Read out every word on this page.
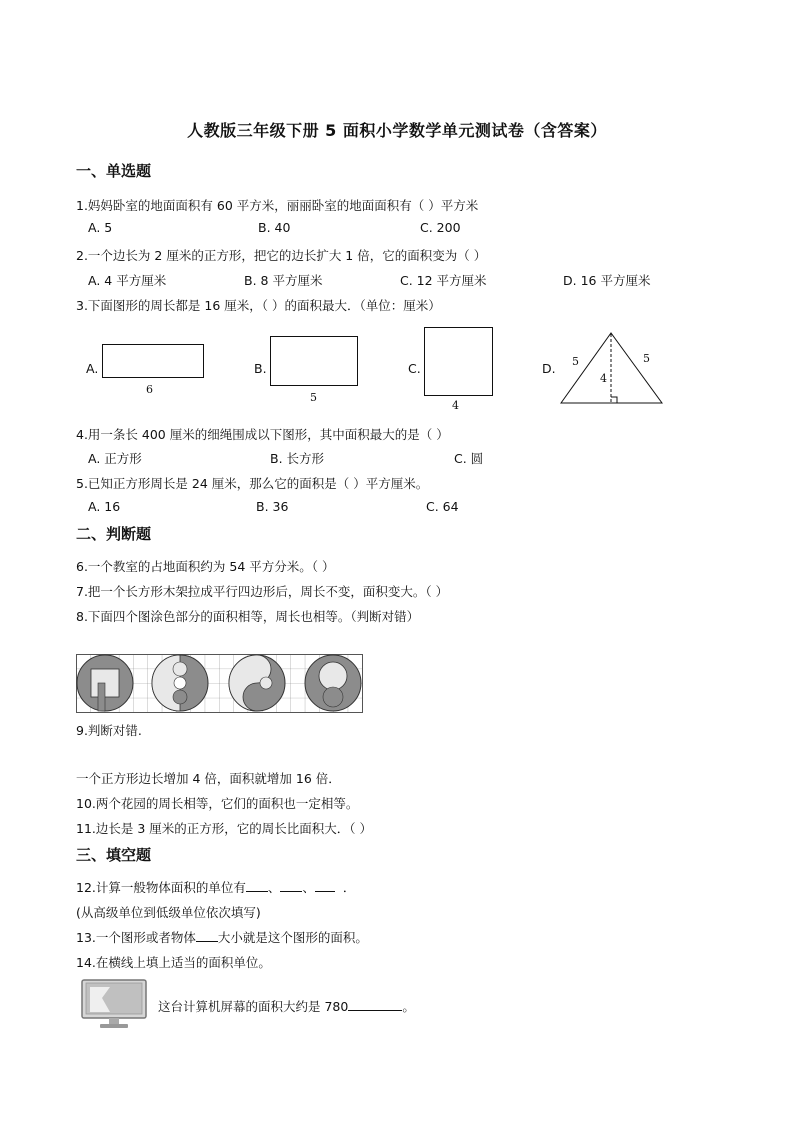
人教版三年级下册 5 面积小学数学单元测试卷（含答案）
一、单选题
1.妈妈卧室的地面面积有 60 平方米，丽丽卧室的地面面积有（ ）平方米
A. 5	B. 40	C. 200
2.一个边长为 2 厘米的正方形，把它的边长扩大 1 倍，它的面积变为（ ）
A. 4 平方厘米	B. 8 平方厘米	C. 12 平方厘米	D. 16 平方厘米
3.下面图形的周长都是 16 厘米，（ ）的面积最大．（单位：厘米）
A.
6
B.
5
C.
4
D. 5	5
4
4.用一条长 400 厘米的细绳围成以下图形，其中面积最大的是（ ）
A. 正方形	B. 长方形	C. 圆
5.已知正方形周长是 24 厘米，那么它的面积是（ ）平方厘米。
A. 16	B. 36	C. 64
二、判断题
6.一个教室的占地面积约为 54 平方分米。（ ）
7.把一个长方形木架拉成平行四边形后，周长不变，面积变大。（ ）
8.下面四个图涂色部分的面积相等，周长也相等。（判断对错）
9.判断对错.
一个正方形边长增加 4 倍，面积就增加 16 倍．
10.两个花园的周长相等，它们的面积也一定相等。
11.边长是 3 厘米的正方形，它的周长比面积大．（ ）
三、填空题
12.计算一般物体面积的单位有 、 、 ．
(从高级单位到低级单位依次填写)
13.一个图形或者物体 大小就是这个图形的面积。
14.在横线上填上适当的面积单位。
这台计算机屏幕的面积大约是 780	。
